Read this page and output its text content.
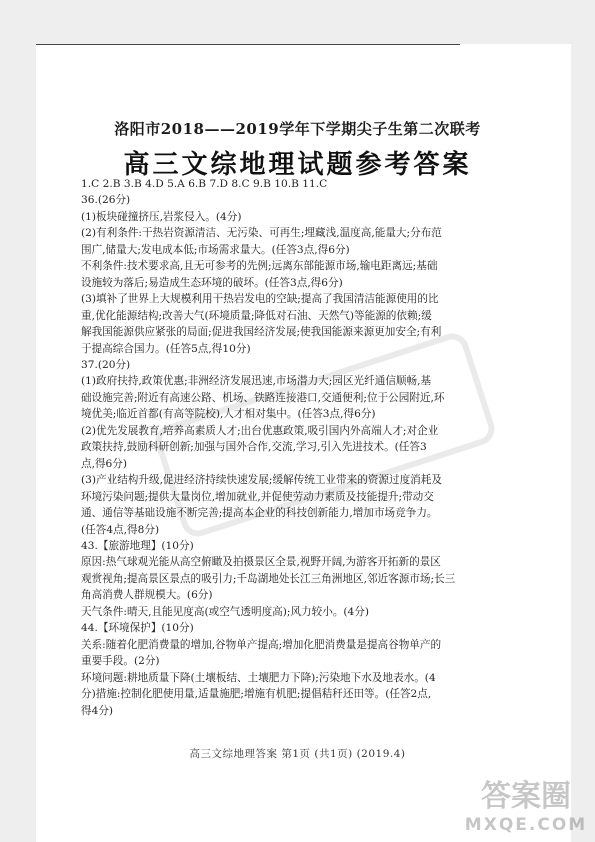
洛阳市2018——2019学年下学期尖子生第二次联考
高三文综地理试题参考答案

1.C 2.B 3.B 4.D 5.A 6.B 7.D 8.C 9.B 10.B 11.C

36.(26分)

(1)板块碰撞挤压,岩浆侵入。(4分)

(2)有利条件:干热岩资源清洁、无污染、可再生;埋藏浅,温度高,能量大;分布范

围广,储量大;发电成本低;市场需求量大。(任答3点,得6分)

不利条件:技术要求高,且无可参考的先例;远离东部能源市场,输电距离远;基础

设施较为落后;易造成生态环境的破坏。(任答3点,得6分)

(3)填补了世界上大规模利用干热岩发电的空缺;提高了我国清洁能源使用的比

重,优化能源结构;改善大气(环境质量;降低对石油、天然气)等能源的依赖;缓

解我国能源供应紧张的局面;促进我国经济发展;使我国能源来源更加安全;有利

于提高综合国力。(任答5点,得10分)

37.(20分)

(1)政府扶持,政策优惠;非洲经济发展迅速,市场潜力大;园区光纤通信顺畅,基

础设施完善;附近有高速公路、机场、铁路连接港口,交通便利;位于公园附近,环

境优美;临近首都(有高等院校),人才相对集中。(任答3点,得6分)

(2)优先发展教育,培养高素质人才;出台优惠政策,吸引国内外高端人才;对企业

政策扶持,鼓励科研创新;加强与国外合作,交流,学习,引入先进技术。(任答3

点,得6分)

(3)产业结构升级,促进经济持续快速发展;缓解传统工业带来的资源过度消耗及

环境污染问题;提供大量岗位,增加就业,并促使劳动力素质及技能提升;带动交

通、通信等基础设施不断完善;提高本企业的科技创新能力,增加市场竞争力。

(任答4点,得8分)

43.【旅游地理】(10分)

原因:热气球观光能从高空俯瞰及拍摄景区全景,视野开阔,为游客开拓新的景区

观赏视角;提高景区景点的吸引力;千岛湖地处长江三角洲地区,邻近客源市场;长三

角高消费人群规模大。(6分)

天气条件:晴天,且能见度高(或空气透明度高);风力较小。(4分)

44.【环境保护】(10分)

关系:随着化肥消费量的增加,谷物单产提高;增加化肥消费量是提高谷物单产的

重要手段。(2分)

环境问题:耕地质量下降(土壤板结、土壤肥力下降);污染地下水及地表水。(4

分)措施:控制化肥使用量,适量施肥;增施有机肥;提倡秸秆还田等。(任答2点,

得4分)

高三文综地理答案 第1页 (共1页) (2019.4)
答案圈
MXQE.COM
